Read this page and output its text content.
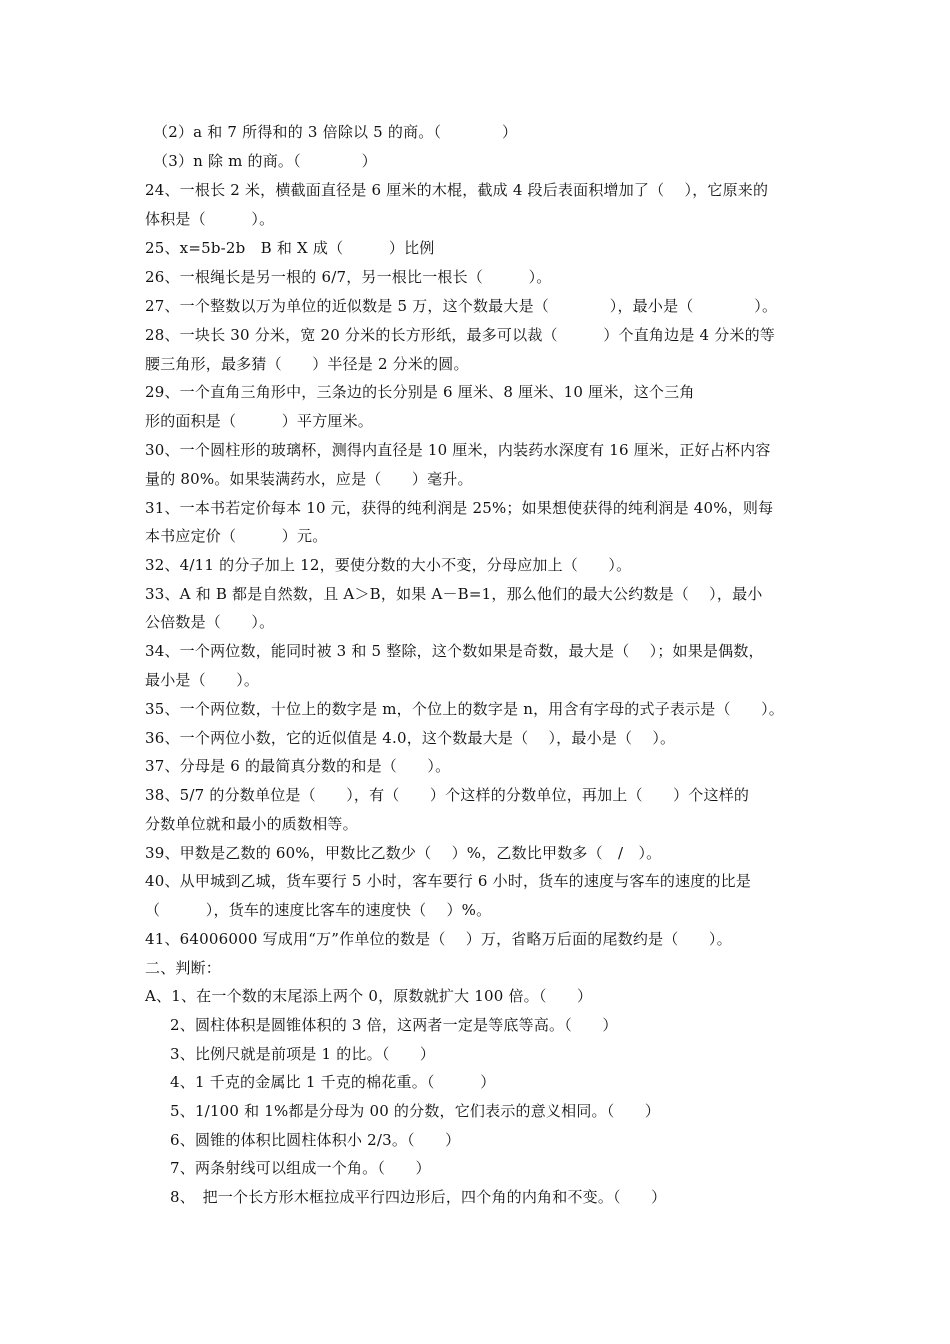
（2）a 和 7 所得和的 3 倍除以 5 的商。（　　　　）
（3）n 除 m 的商。（　　　　）
24、一根长 2 米，横截面直径是 6 厘米的木棍，截成 4 段后表面积增加了（　 ），它原来的
体积是（　　　）。
25、x=5b-2b　B 和 X 成（　　　）比例
26、一根绳长是另一根的 6/7，另一根比一根长（　　　）。
27、一个整数以万为单位的近似数是 5 万，这个数最大是（　　　　），最小是（　　　　）。
28、一块长 30 分米，宽 20 分米的长方形纸，最多可以裁（　　　）个直角边是 4 分米的等
腰三角形，最多猜（　　）半径是 2 分米的圆。
29、一个直角三角形中，三条边的长分别是 6 厘米、8 厘米、10 厘米，这个三角
形的面积是（　　　）平方厘米。
30、一个圆柱形的玻璃杯，测得内直径是 10 厘米，内装药水深度有 16 厘米，正好占杯内容
量的 80%。如果装满药水，应是（　　）毫升。
31、一本书若定价每本 10 元，获得的纯利润是 25%；如果想使获得的纯利润是 40%，则每
本书应定价（　　　）元。
32、4/11 的分子加上 12，要使分数的大小不变，分母应加上（　　）。
33、A 和 B 都是自然数，且 A＞B，如果 A－B=1，那么他们的最大公约数是（　 ），最小
公倍数是（　　）。
34、一个两位数，能同时被 3 和 5 整除，这个数如果是奇数，最大是（　 ）；如果是偶数，
最小是（　　）。
35、一个两位数，十位上的数字是 m，个位上的数字是 n，用含有字母的式子表示是（　　）。
36、一个两位小数，它的近似值是 4.0，这个数最大是（　 ），最小是（　 ）。
37、分母是 6 的最简真分数的和是（　　）。
38、5/7 的分数单位是（　　），有（　　）个这样的分数单位，再加上（　　）个这样的
分数单位就和最小的质数相等。
39、甲数是乙数的 60%，甲数比乙数少（　 ）%，乙数比甲数多（　/　）。
40、从甲城到乙城，货车要行 5 小时，客车要行 6 小时，货车的速度与客车的速度的比是
（　　　），货车的速度比客车的速度快（　 ）%。
41、64006000 写成用“万”作单位的数是（　 ）万，省略万后面的尾数约是（　　）。
二、判断：
A、1、在一个数的末尾添上两个 0，原数就扩大 100 倍。（　　）
2、圆柱体积是圆锥体积的 3 倍，这两者一定是等底等高。（　　）
3、比例尺就是前项是 1 的比。（　　）
4、1 千克的金属比 1 千克的棉花重。（　　　）
5、1/100 和 1%都是分母为 00 的分数，它们表示的意义相同。（　　）
6、圆锥的体积比圆柱体积小 2/3。（　　）
7、两条射线可以组成一个角。（　　）
8、　把一个长方形木框拉成平行四边形后，四个角的内角和不变。（　　）
